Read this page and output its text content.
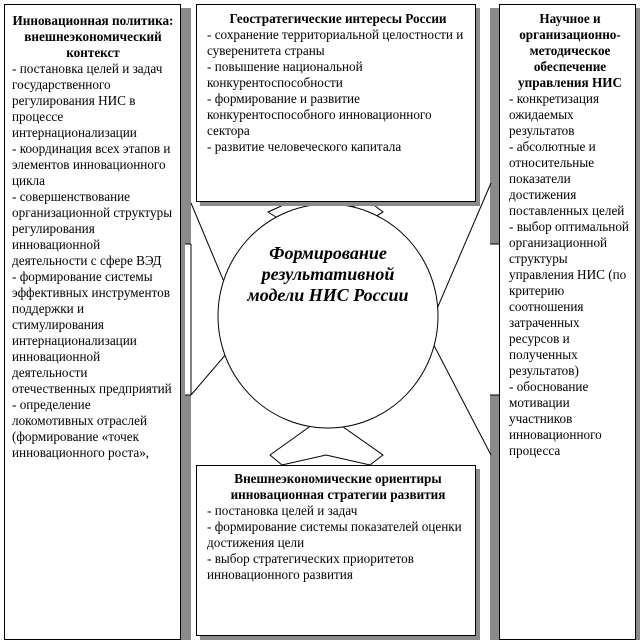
Инновационная политика: внешнеэкономический контекст

- постановка целей и задач государственного регулирования НИС в процессе интернационализации
- координация всех этапов и элементов инновационного цикла
- совершенствование организационной структуры регулирования инновационной деятельности с сфере ВЭД
- формирование системы эффективных инструментов поддержки и стимулирования интернационализации инновационной деятельности отечественных предприятий
- определение локомотивных отраслей (формирование «точек инновационного роста»,

Геостратегические интересы России

- сохранение территориальной целостности и суверенитета страны
- повышение национальной конкурентоспособности
- формирование и развитие конкурентоспособного инновационного сектора
- развитие человеческого капитала

Научное и организационно-методическое обеспечение управления НИС

- конкретизация ожидаемых результатов
- абсолютные и относительные показатели достижения поставленных целей
- выбор оптимальной организационной структуры управления НИС (по критерию соотношения затраченных ресурсов и полученных результатов)
- обоснование мотивации участников инновационного процесса

Внешнеэкономические ориентиры инновационная стратегии развития

- постановка целей и задач
- формирование системы показателей оценки достижения цели
- выбор стратегических приоритетов инновационного развития
Формирование результативной модели НИС России
